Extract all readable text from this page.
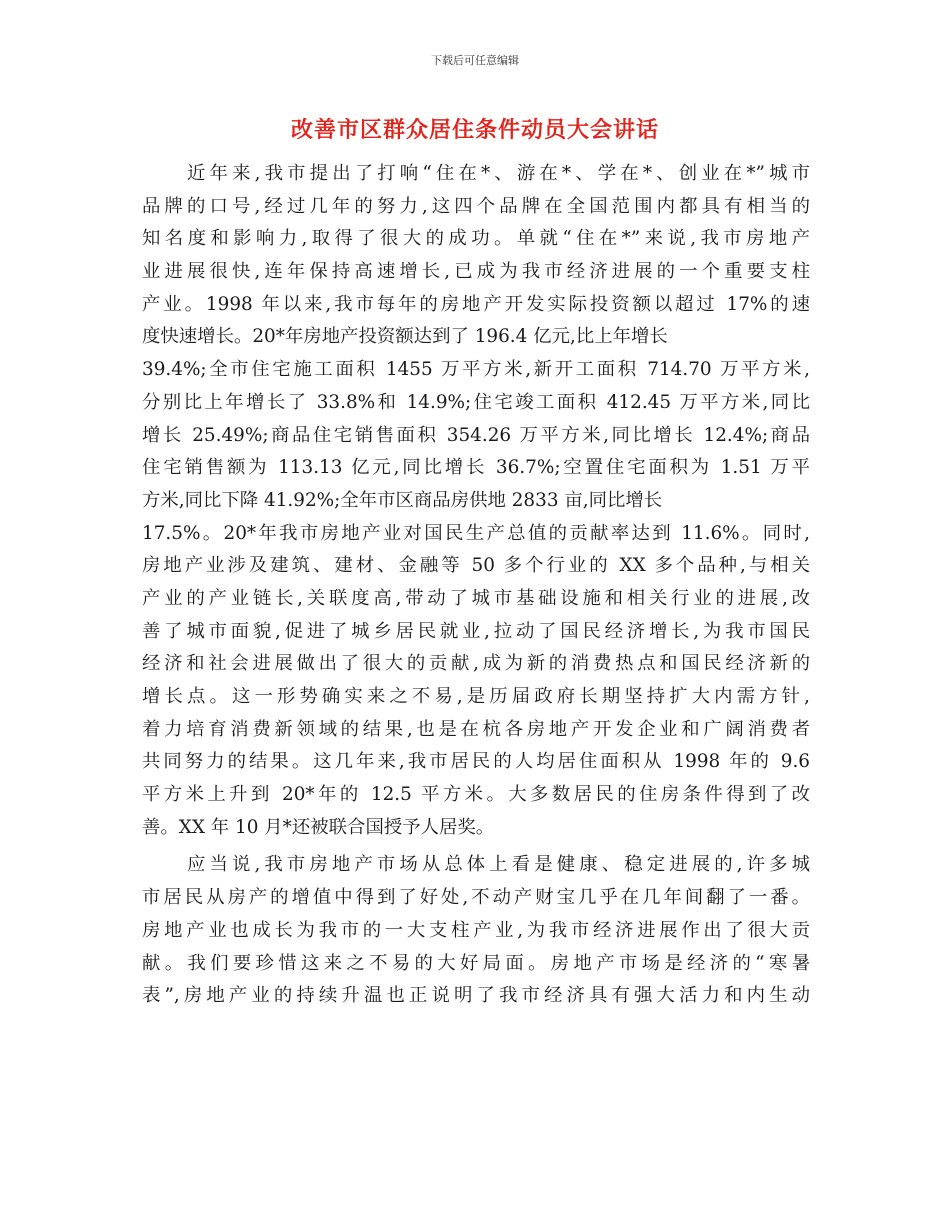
下载后可任意编辑
改善市区群众居住条件动员大会讲话
近年来,我市提出了打响“住在*、游在*、学在*、创业在*”城市
品牌的口号,经过几年的努力,这四个品牌在全国范围内都具有相当的
知名度和影响力,取得了很大的成功。单就“住在*”来说,我市房地产
业进展很快,连年保持高速增长,已成为我市经济进展的一个重要支柱
产业。1998 年以来,我市每年的房地产开发实际投资额以超过 17%的速
度快速增长。20*年房地产投资额达到了 196.4 亿元,比上年增长
39.4%;全市住宅施工面积 1455 万平方米,新开工面积 714.70 万平方米,
分别比上年增长了 33.8%和 14.9%;住宅竣工面积 412.45 万平方米,同比
增长 25.49%;商品住宅销售面积 354.26 万平方米,同比增长 12.4%;商品
住宅销售额为 113.13 亿元,同比增长 36.7%;空置住宅面积为 1.51 万平
方米,同比下降 41.92%;全年市区商品房供地 2833 亩,同比增长
17.5%。20*年我市房地产业对国民生产总值的贡献率达到 11.6%。同时,
房地产业涉及建筑、建材、金融等 50 多个行业的 XX 多个品种,与相关
产业的产业链长,关联度高,带动了城市基础设施和相关行业的进展,改
善了城市面貌,促进了城乡居民就业,拉动了国民经济增长,为我市国民
经济和社会进展做出了很大的贡献,成为新的消费热点和国民经济新的
增长点。这一形势确实来之不易,是历届政府长期坚持扩大内需方针,
着力培育消费新领域的结果,也是在杭各房地产开发企业和广阔消费者
共同努力的结果。这几年来,我市居民的人均居住面积从 1998 年的 9.6
平方米上升到 20*年的 12.5 平方米。大多数居民的住房条件得到了改
善。XX 年 10 月*还被联合国授予人居奖。
应当说,我市房地产市场从总体上看是健康、稳定进展的,许多城
市居民从房产的增值中得到了好处,不动产财宝几乎在几年间翻了一番。
房地产业也成长为我市的一大支柱产业,为我市经济进展作出了很大贡
献。我们要珍惜这来之不易的大好局面。房地产市场是经济的“寒暑
表”,房地产业的持续升温也正说明了我市经济具有强大活力和内生动
